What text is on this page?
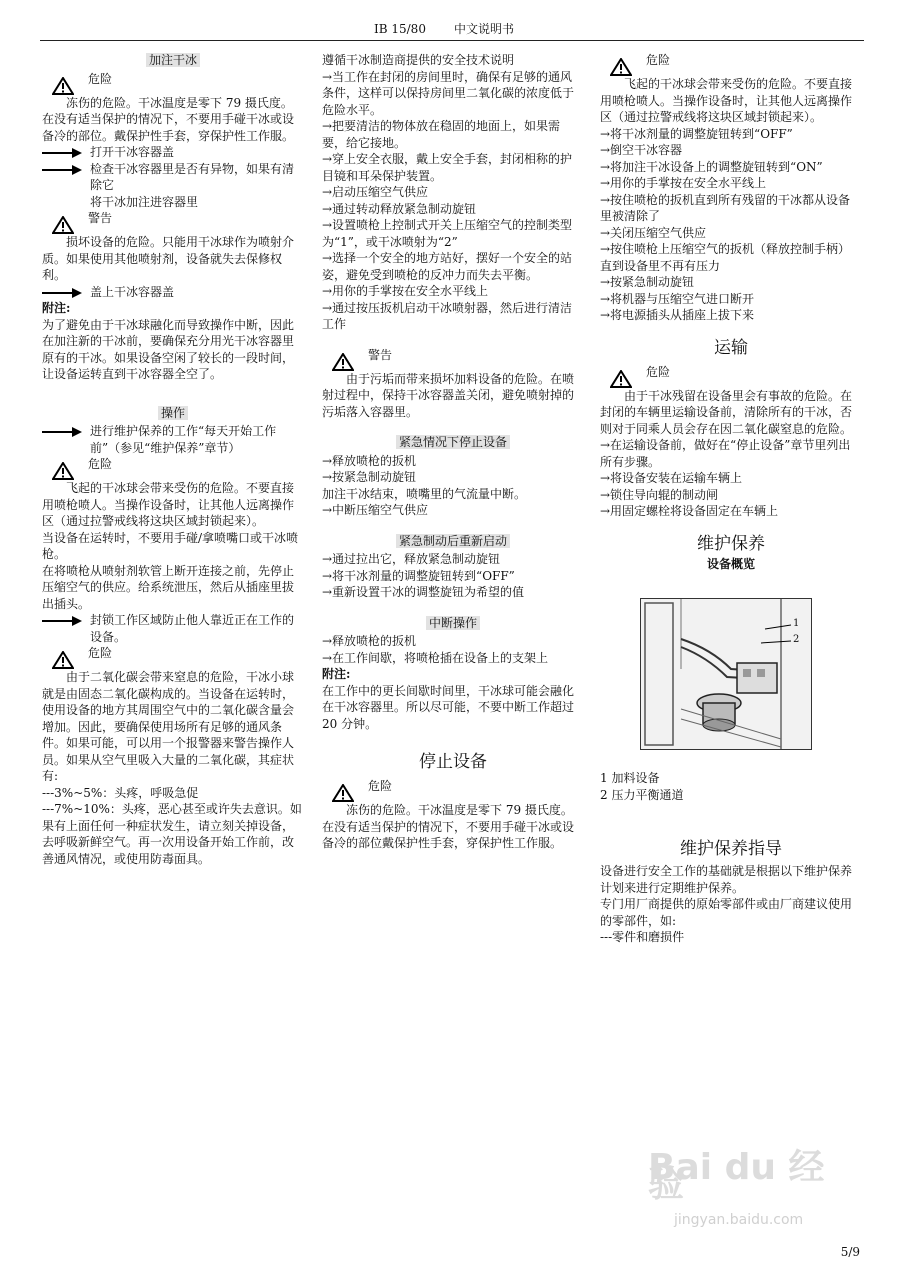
IB 15/80 中文说明书
加注干冰

危险

冻伤的危险。干冰温度是零下 79 摄氏度。在没有适当保护的情况下，不要用手碰干冰或设备冷的部位。戴保护性手套，穿保护性工作服。

打开干冰容器盖

检查干冰容器里是否有异物，如果有清除它

将干冰加注进容器里

警告

损坏设备的危险。只能用干冰球作为喷射介质。如果使用其他喷射剂，设备就失去保修权利。

盖上干冰容器盖

附注:

为了避免由于干冰球融化而导致操作中断，因此在加注新的干冰前，要确保充分用光干冰容器里原有的干冰。如果设备空闲了较长的一段时间，让设备运转直到干冰容器全空了。

操作

进行维护保养的工作“每天开始工作前”（参见“维护保养”章节）

危险

飞起的干冰球会带来受伤的危险。不要直接用喷枪喷人。当操作设备时，让其他人远离操作区（通过拉警戒线将这块区域封锁起来）。

当设备在运转时，不要用手碰/拿喷嘴口或干冰喷枪。

在将喷枪从喷射剂软管上断开连接之前，先停止压缩空气的供应。给系统泄压，然后从插座里拔出插头。

封锁工作区域防止他人靠近正在工作的设备。

危险

由于二氧化碳会带来窒息的危险，干冰小球就是由固态二氧化碳构成的。当设备在运转时，使用设备的地方其周围空气中的二氧化碳含量会增加。因此，要确保使用场所有足够的通风条件。如果可能，可以用一个报警器来警告操作人员。如果从空气里吸入大量的二氧化碳，其症状有:

---3%~5%：头疼，呼吸急促

---7%~10%：头疼，恶心甚至或许失去意识。如果有上面任何一种症状发生，请立刻关掉设备，去呼吸新鲜空气。再一次用设备开始工作前，改善通风情况，或使用防毒面具。

遵循干冰制造商提供的安全技术说明

→当工作在封闭的房间里时，确保有足够的通风条件，这样可以保持房间里二氧化碳的浓度低于危险水平。

→把要清洁的物体放在稳固的地面上，如果需要，给它接地。

→穿上安全衣服，戴上安全手套，封闭相称的护目镜和耳朵保护装置。

→启动压缩空气供应

→通过转动释放紧急制动旋钮

→设置喷枪上控制式开关上压缩空气的控制类型为“1”，或干冰喷射为“2”

→选择一个安全的地方站好，摆好一个安全的站姿，避免受到喷枪的反冲力而失去平衡。

→用你的手掌按在安全水平线上

→通过按压扳机启动干冰喷射器，然后进行清洁工作

警告

由于污垢而带来损坏加料设备的危险。在喷射过程中，保持干冰容器盖关闭，避免喷射掉的污垢落入容器里。

紧急情况下停止设备

→释放喷枪的扳机

→按紧急制动旋钮

加注干冰结束，喷嘴里的气流量中断。

→中断压缩空气供应

紧急制动后重新启动

→通过拉出它，释放紧急制动旋钮

→将干冰剂量的调整旋钮转到“OFF”

→重新设置干冰的调整旋钮为希望的值

中断操作

→释放喷枪的扳机

→在工作间歇，将喷枪插在设备上的支架上

附注:

在工作中的更长间歇时间里，干冰球可能会融化在干冰容器里。所以尽可能，不要中断工作超过 20 分钟。

停止设备

危险

冻伤的危险。干冰温度是零下 79 摄氏度。在没有适当保护的情况下，不要用手碰干冰或设备冷的部位戴保护性手套，穿保护性工作服。

危险

飞起的干冰球会带来受伤的危险。不要直接用喷枪喷人。当操作设备时，让其他人远离操作区（通过拉警戒线将这块区域封锁起来）。

→将干冰剂量的调整旋钮转到“OFF”

→倒空干冰容器

→将加注干冰设备上的调整旋钮转到“ON”

→用你的手掌按在安全水平线上

→按住喷枪的扳机直到所有残留的干冰都从设备里被清除了

→关闭压缩空气供应

→按住喷枪上压缩空气的扳机（释放控制手柄）直到设备里不再有压力

→按紧急制动旋钮

→将机器与压缩空气进口断开

→将电源插头从插座上拔下来

运输

危险

由于干冰残留在设备里会有事故的危险。在封闭的车辆里运输设备前，清除所有的干冰，否则对于同乘人员会存在因二氧化碳窒息的危险。

→在运输设备前，做好在“停止设备”章节里列出所有步骤。

→将设备安装在运输车辆上

→锁住导向辊的制动闸

→用固定螺栓将设备固定在车辆上

维护保养
设备概览
1
2

1 加料设备

2 压力平衡通道

维护保养指导

设备进行安全工作的基础就是根据以下维护保养计划来进行定期维护保养。

专门用厂商提供的原始零部件或由厂商建议使用的零部件，如:

---零件和磨损件

Bai du 经验
jingyan.baidu.com
5/9
